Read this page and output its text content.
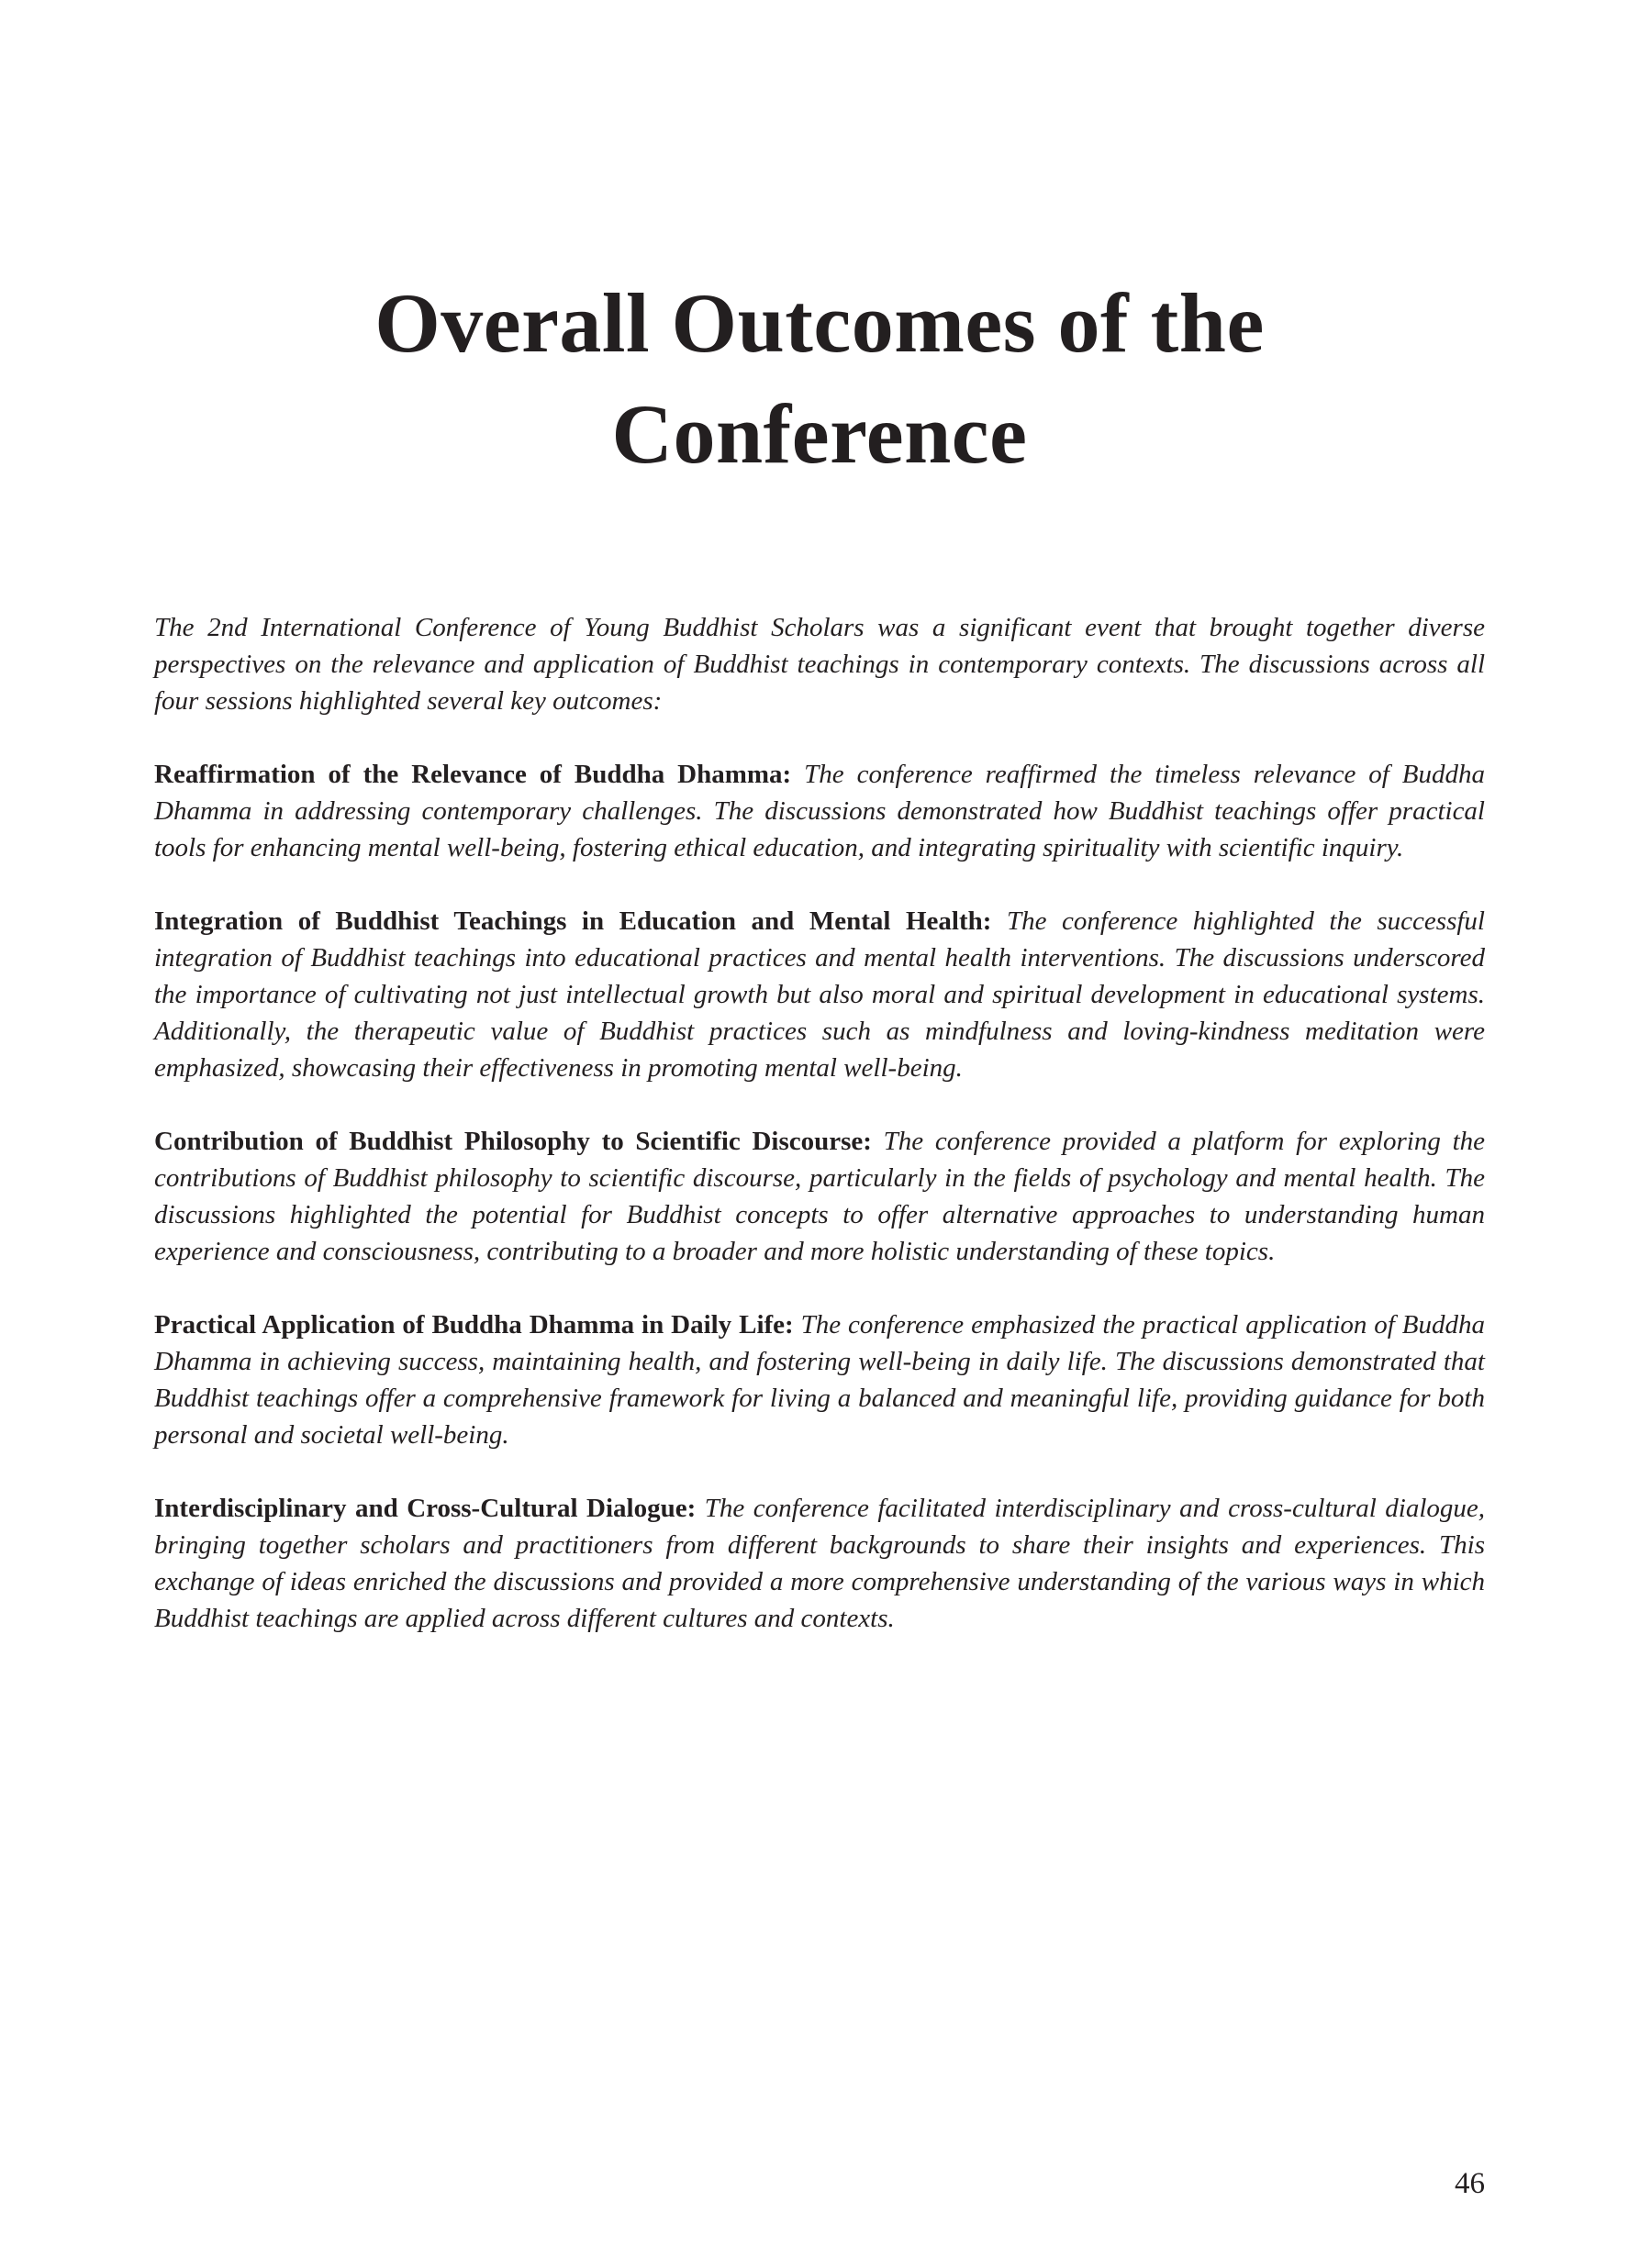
Overall Outcomes of the
Conference

The 2nd International Conference of Young Buddhist Scholars was a significant event that brought together diverse perspectives on the relevance and application of Buddhist teachings in contemporary contexts. The discussions across all four sessions highlighted several key outcomes:

Reaffirmation of the Relevance of Buddha Dhamma: The conference reaffirmed the timeless relevance of Buddha Dhamma in addressing contemporary challenges. The discussions demonstrated how Buddhist teachings offer practical tools for enhancing mental well-being, fostering ethical education, and integrating spirituality with scientific inquiry.

Integration of Buddhist Teachings in Education and Mental Health: The conference highlighted the successful integration of Buddhist teachings into educational practices and mental health interventions. The discussions underscored the importance of cultivating not just intellectual growth but also moral and spiritual development in educational systems. Additionally, the therapeutic value of Buddhist practices such as mindfulness and loving-kindness meditation were emphasized, showcasing their effectiveness in promoting mental well-being.

Contribution of Buddhist Philosophy to Scientific Discourse: The conference provided a platform for exploring the contributions of Buddhist philosophy to scientific discourse, particularly in the fields of psychology and mental health. The discussions highlighted the potential for Buddhist concepts to offer alternative approaches to understanding human experience and consciousness, contributing to a broader and more holistic understanding of these topics.

Practical Application of Buddha Dhamma in Daily Life: The conference emphasized the practical application of Buddha Dhamma in achieving success, maintaining health, and fostering well-being in daily life. The discussions demonstrated that Buddhist teachings offer a comprehensive framework for living a balanced and meaningful life, providing guidance for both personal and societal well-being.

Interdisciplinary and Cross-Cultural Dialogue: The conference facilitated interdisciplinary and cross-cultural dialogue, bringing together scholars and practitioners from different backgrounds to share their insights and experiences. This exchange of ideas enriched the discussions and provided a more comprehensive understanding of the various ways in which Buddhist teachings are applied across different cultures and contexts.

46
